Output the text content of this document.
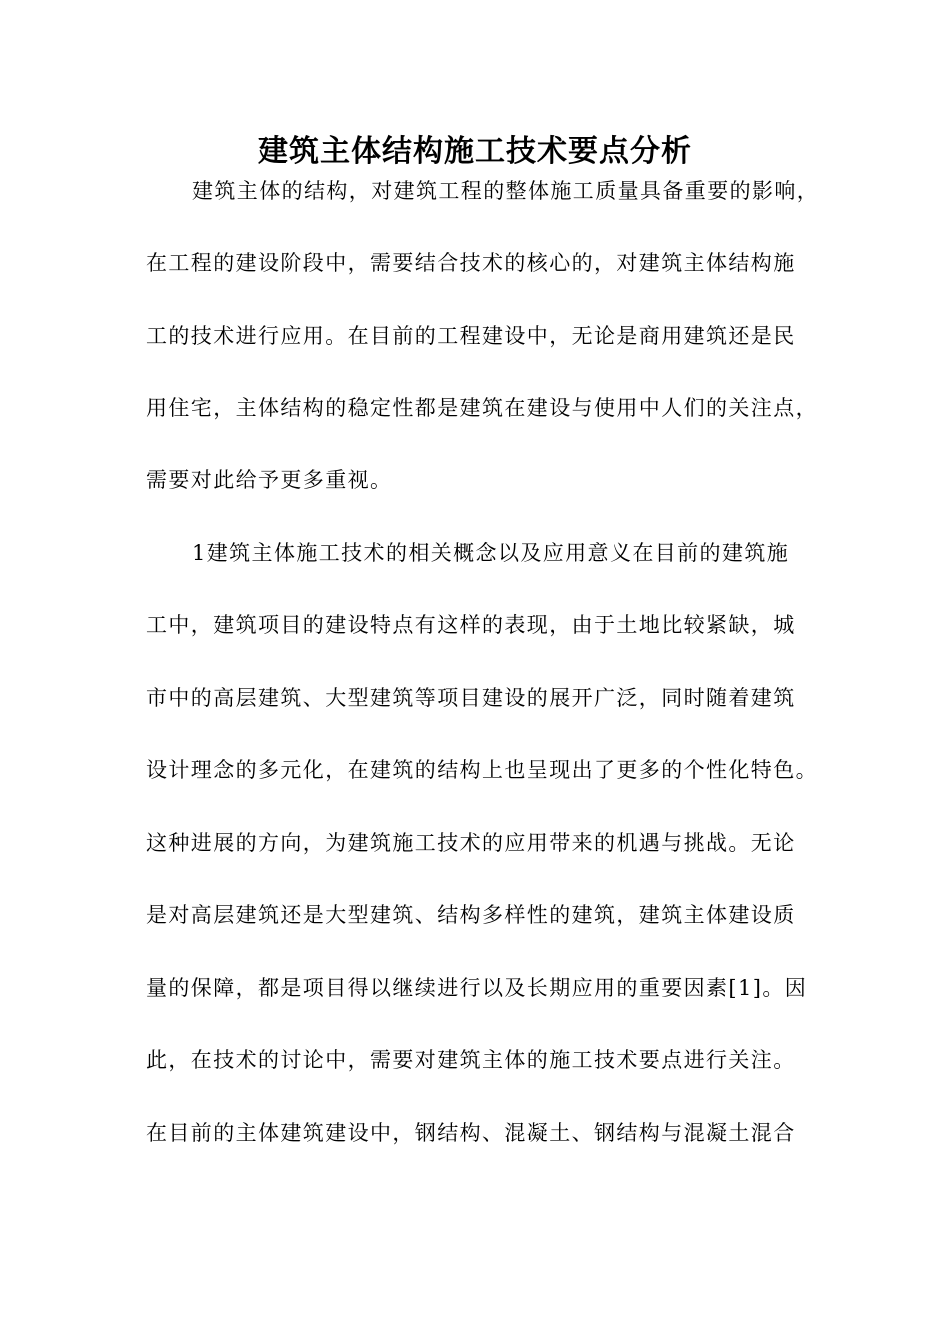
建筑主体结构施工技术要点分析
建筑主体的结构，对建筑工程的整体施工质量具备重要的影响，
在工程的建设阶段中，需要结合技术的核心的，对建筑主体结构施
工的技术进行应用。在目前的工程建设中，无论是商用建筑还是民
用住宅，主体结构的稳定性都是建筑在建设与使用中人们的关注点，
需要对此给予更多重视。
1建筑主体施工技术的相关概念以及应用意义在目前的建筑施
工中，建筑项目的建设特点有这样的表现，由于土地比较紧缺，城
市中的高层建筑、大型建筑等项目建设的展开广泛，同时随着建筑
设计理念的多元化，在建筑的结构上也呈现出了更多的个性化特色。
这种进展的方向，为建筑施工技术的应用带来的机遇与挑战。无论
是对高层建筑还是大型建筑、结构多样性的建筑，建筑主体建设质
量的保障，都是项目得以继续进行以及长期应用的重要因素[1]。因
此，在技术的讨论中，需要对建筑主体的施工技术要点进行关注。
在目前的主体建筑建设中，钢结构、混凝土、钢结构与混凝土混合
